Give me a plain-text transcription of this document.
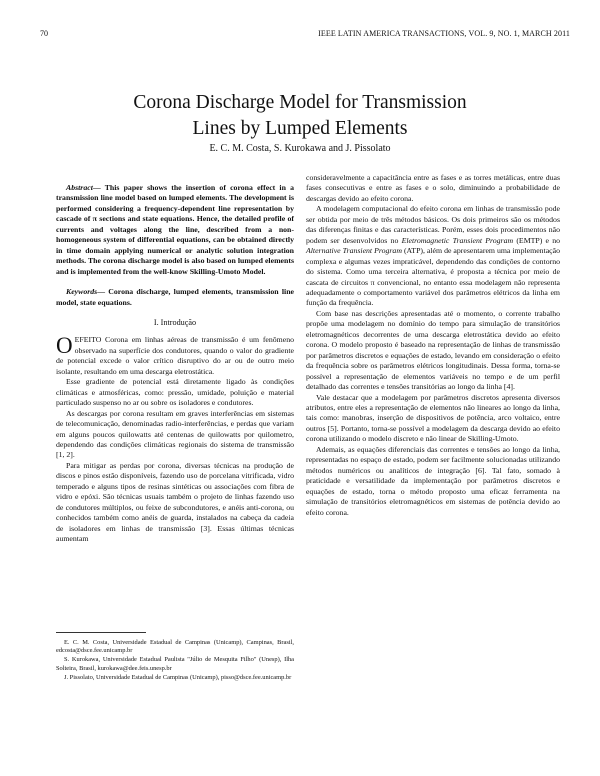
70	IEEE LATIN AMERICA TRANSACTIONS, VOL. 9, NO. 1, MARCH 2011
Corona Discharge Model for Transmission
Lines by Lumped Elements
E. C. M. Costa, S. Kurokawa and J. Pissolato

Abstract— This paper shows the insertion of corona effect in a transmission line model based on lumped elements. The development is performed considering a frequency-dependent line representation by cascade of π sections and state equations. Hence, the detailed profile of currents and voltages along the line, described from a non-homogeneous system of differential equations, can be obtained directly in time domain applying numerical or analytic solution integration methods. The corona discharge model is also based on lumped elements and is implemented from the well-know Skilling-Umoto Model.

Keywords— Corona discharge, lumped elements, transmission line model, state equations.

I. Introdução

OEFEITO Corona em linhas aéreas de transmissão é um fenômeno observado na superfície dos condutores, quando o valor do gradiente de potencial excede o valor crítico disruptivo do ar ou de outro meio isolante, resultando em uma descarga eletrostática.

Esse gradiente de potencial está diretamente ligado às condições climáticas e atmosféricas, como: pressão, umidade, poluição e material particulado suspenso no ar ou sobre os isoladores e condutores.

As descargas por corona resultam em graves interferências em sistemas de telecomunicação, denominadas radio-interferências, e perdas que variam em alguns poucos quilowatts até centenas de quilowatts por quilometro, dependendo das condições climáticas regionais do sistema de transmissão [1, 2].

Para mitigar as perdas por corona, diversas técnicas na produção de discos e pinos estão disponíveis, fazendo uso de porcelana vitrificada, vidro temperado e alguns tipos de resinas sintéticas ou associações com fibra de vidro e epóxi. São técnicas usuais também o projeto de linhas fazendo uso de condutores múltiplos, ou feixe de subcondutores, e anéis anti-corona, ou conhecidos também como anéis de guarda, instalados na cabeça da cadeia de isoladores em linhas de transmissão [3]. Essas últimas técnicas aumentam

E. C. M. Costa, Universidade Estadual de Campinas (Unicamp), Campinas, Brasil, edcosta@dsce.fee.unicamp.br

S. Kurokawa, Universidade Estadual Paulista "Júlio de Mesquita Filho" (Unesp), Ilha Solteira, Brasil, kurokawa@dee.feis.unesp.br

J. Pissolato, Universidade Estadual de Campinas (Unicamp), pisso@dsce.fee.unicamp.br

consideravelmente a capacitância entre as fases e as torres metálicas, entre duas fases consecutivas e entre as fases e o solo, diminuindo a probabilidade de descargas devido ao efeito corona.

A modelagem computacional do efeito corona em linhas de transmissão pode ser obtida por meio de três métodos básicos. Os dois primeiros são os métodos das diferenças finitas e das características. Porém, esses dois procedimentos não podem ser desenvolvidos no Eletromagnetic Transient Program (EMTP) e no Alternative Transient Program (ATP), além de apresentarem uma implementação complexa e algumas vezes impraticável, dependendo das condições de contorno do sistema. Como uma terceira alternativa, é proposta a técnica por meio de cascata de circuitos π convencional, no entanto essa modelagem não representa adequadamente o comportamento variável dos parâmetros elétricos da linha em função da frequência.

Com base nas descrições apresentadas até o momento, o corrente trabalho propõe uma modelagem no domínio do tempo para simulação de transitórios eletromagnéticos decorrentes de uma descarga eletrostática devido ao efeito corona. O modelo proposto é baseado na representação de linhas de transmissão por parâmetros discretos e equações de estado, levando em consideração o efeito da frequência sobre os parâmetros elétricos longitudinais. Dessa forma, torna-se possível a representação de elementos variáveis no tempo e de um perfil detalhado das correntes e tensões transitórias ao longo da linha [4].

Vale destacar que a modelagem por parâmetros discretos apresenta diversos atributos, entre eles a representação de elementos não lineares ao longo da linha, tais como: manobras, inserção de dispositivos de potência, arco voltaico, entre outros [5]. Portanto, torna-se possível a modelagem da descarga devido ao efeito corona utilizando o modelo discreto e não linear de Skilling-Umoto.

Ademais, as equações diferenciais das correntes e tensões ao longo da linha, representadas no espaço de estado, podem ser facilmente solucionadas utilizando métodos numéricos ou analíticos de integração [6]. Tal fato, somado à praticidade e versatilidade da implementação por parâmetros discretos e equações de estado, torna o método proposto uma eficaz ferramenta na simulação de transitórios eletromagnéticos em sistemas de potência devido ao efeito corona.
